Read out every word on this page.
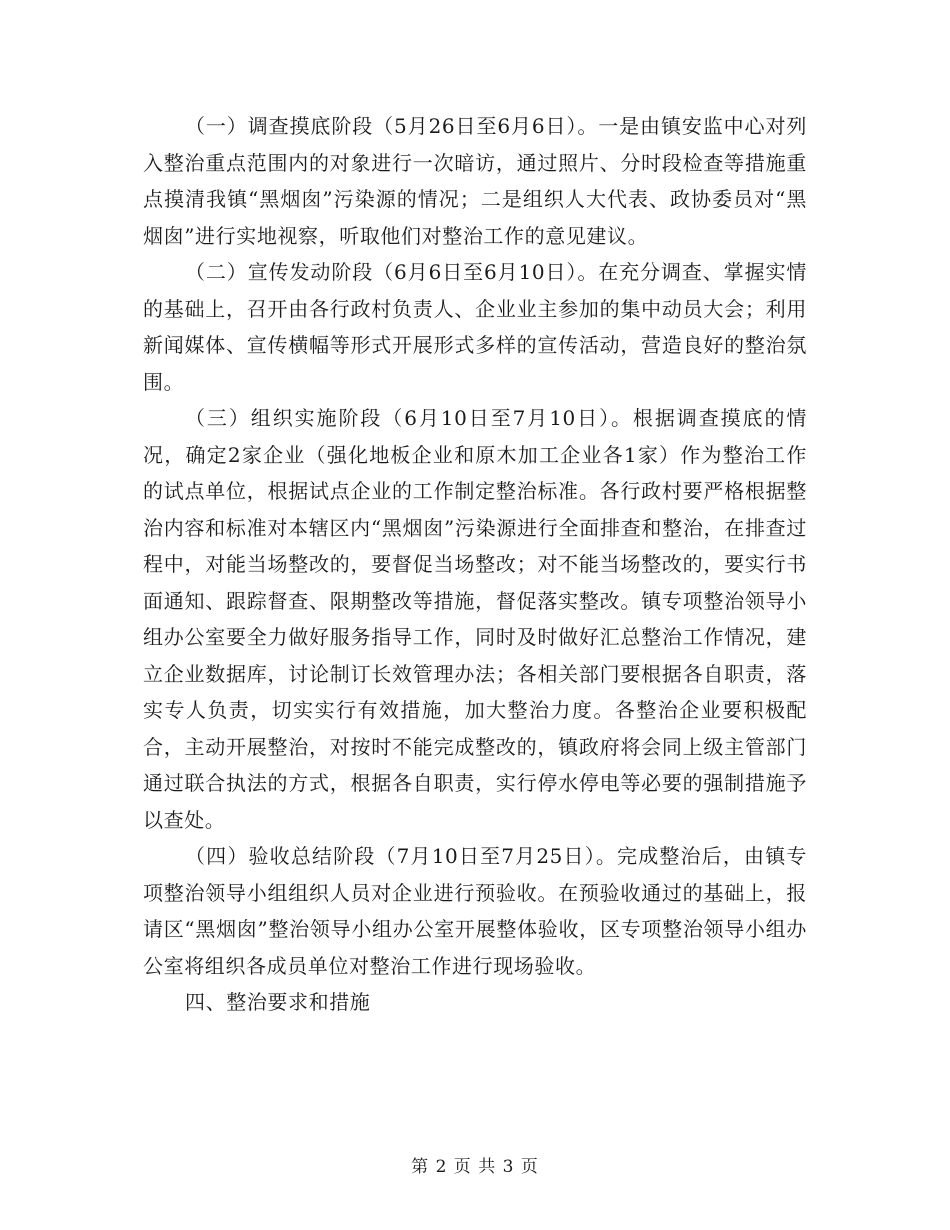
（一）调查摸底阶段（5月26日至6月6日）。一是由镇安监中心对列入整治重点范围内的对象进行一次暗访，通过照片、分时段检查等措施重点摸清我镇“黑烟囱”污染源的情况；二是组织人大代表、政协委员对“黑烟囱”进行实地视察，听取他们对整治工作的意见建议。

（二）宣传发动阶段（6月6日至6月10日）。在充分调查、掌握实情的基础上，召开由各行政村负责人、企业业主参加的集中动员大会；利用新闻媒体、宣传横幅等形式开展形式多样的宣传活动，营造良好的整治氛围。

（三）组织实施阶段（6月10日至7月10日）。根据调查摸底的情况，确定2家企业（强化地板企业和原木加工企业各1家）作为整治工作的试点单位，根据试点企业的工作制定整治标准。各行政村要严格根据整治内容和标准对本辖区内“黑烟囱”污染源进行全面排查和整治，在排查过程中，对能当场整改的，要督促当场整改；对不能当场整改的，要实行书面通知、跟踪督查、限期整改等措施，督促落实整改。镇专项整治领导小组办公室要全力做好服务指导工作，同时及时做好汇总整治工作情况，建立企业数据库，讨论制订长效管理办法；各相关部门要根据各自职责，落实专人负责，切实实行有效措施，加大整治力度。各整治企业要积极配合，主动开展整治，对按时不能完成整改的，镇政府将会同上级主管部门通过联合执法的方式，根据各自职责，实行停水停电等必要的强制措施予以查处。

（四）验收总结阶段（7月10日至7月25日）。完成整治后，由镇专项整治领导小组组织人员对企业进行预验收。在预验收通过的基础上，报请区“黑烟囱”整治领导小组办公室开展整体验收，区专项整治领导小组办公室将组织各成员单位对整治工作进行现场验收。

四、整治要求和措施

第 2 页 共 3 页
